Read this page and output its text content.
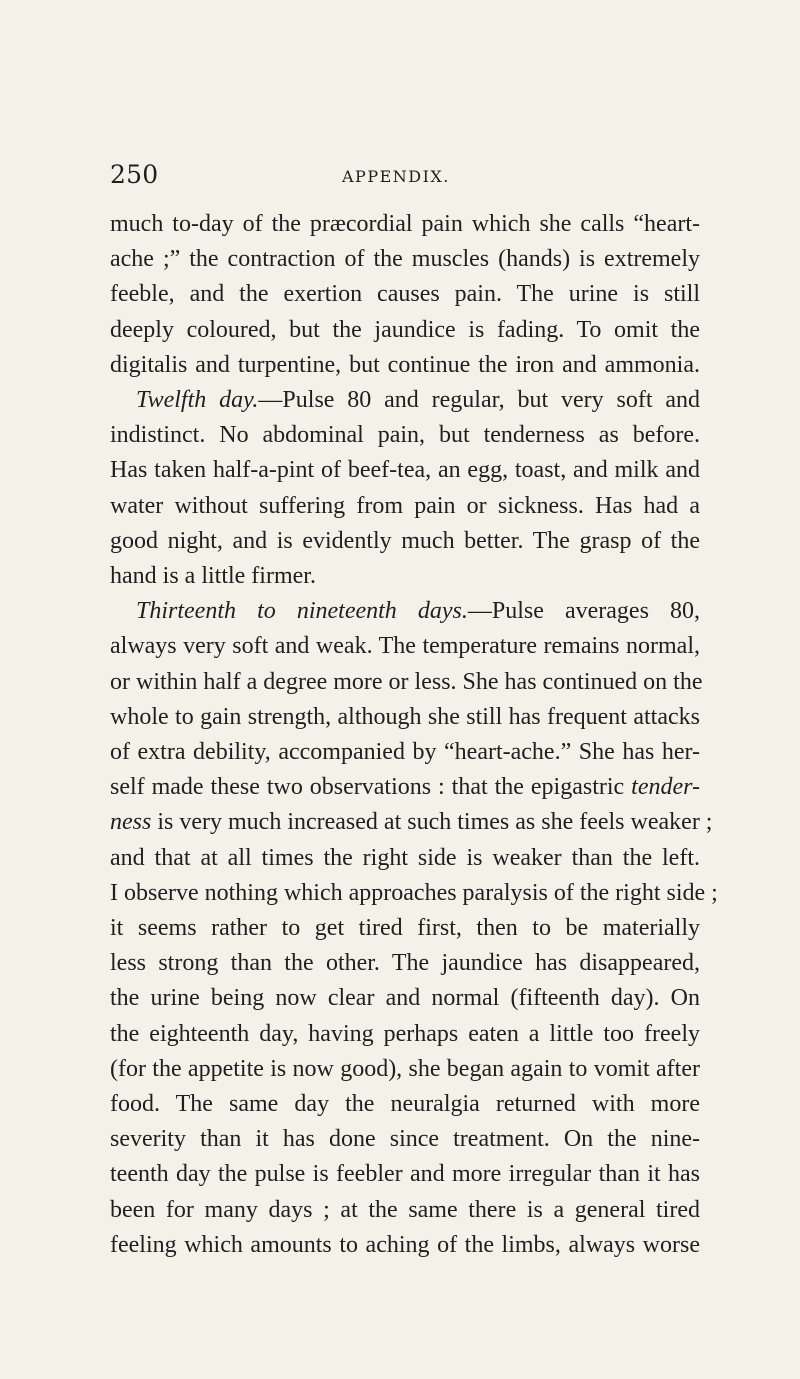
250	APPENDIX.
much to-day of the præcordial pain which she calls “heart-
ache ;” the contraction of the muscles (hands) is extremely
feeble, and the exertion causes pain. The urine is still
deeply coloured, but the jaundice is fading. To omit the
digitalis and turpentine, but continue the iron and ammonia.
Twelfth day.—Pulse 80 and regular, but very soft and
indistinct. No abdominal pain, but tenderness as before.
Has taken half-a-pint of beef-tea, an egg, toast, and milk and
water without suffering from pain or sickness. Has had a
good night, and is evidently much better. The grasp of the
hand is a little firmer.
Thirteenth to nineteenth days.—Pulse averages 80,
always very soft and weak. The temperature remains normal,
or within half a degree more or less. She has continued on the
whole to gain strength, although she still has frequent attacks
of extra debility, accompanied by “heart-ache.” She has her-
self made these two observations : that the epigastric tender-
ness is very much increased at such times as she feels weaker ;
and that at all times the right side is weaker than the left.
I observe nothing which approaches paralysis of the right side ;
it seems rather to get tired first, then to be materially
less strong than the other. The jaundice has disappeared,
the urine being now clear and normal (fifteenth day). On
the eighteenth day, having perhaps eaten a little too freely
(for the appetite is now good), she began again to vomit after
food. The same day the neuralgia returned with more
severity than it has done since treatment. On the nine-
teenth day the pulse is feebler and more irregular than it has
been for many days ; at the same there is a general tired
feeling which amounts to aching of the limbs, always worse
